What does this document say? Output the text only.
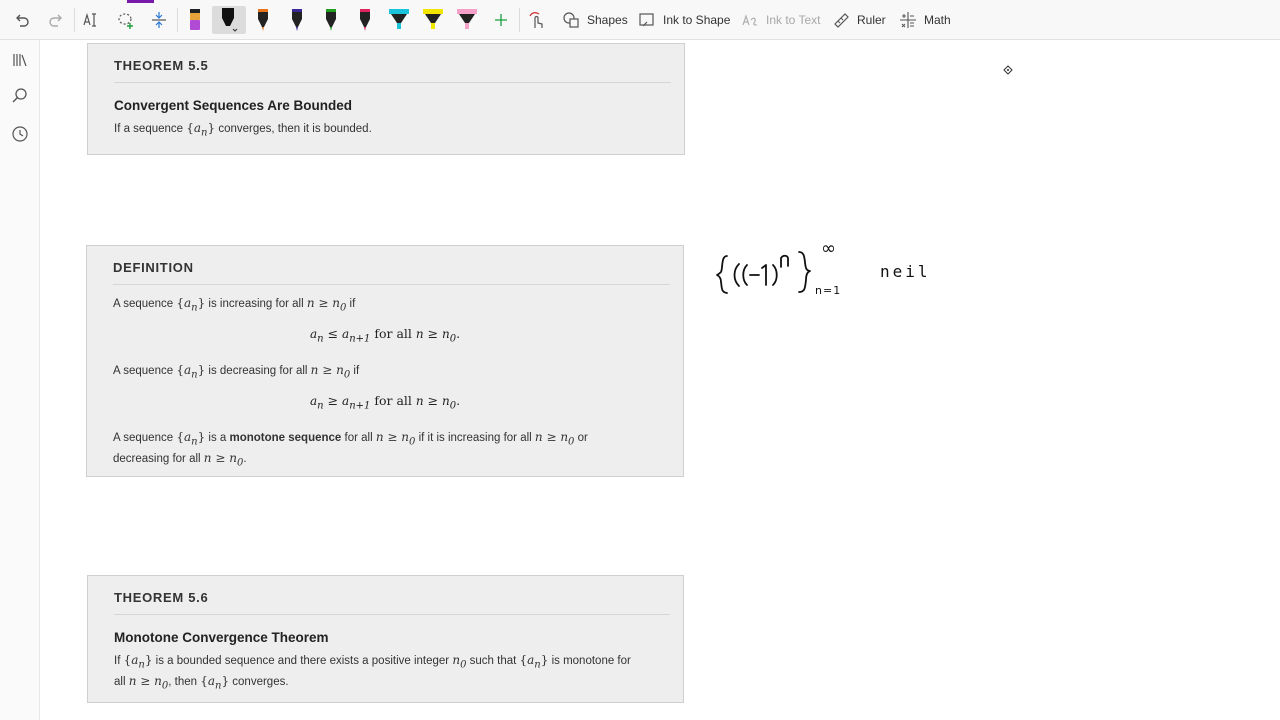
Shapes	Ink to Shape	Ink to Text	Ruler	Math
THEOREM 5.5
Convergent Sequences Are Bounded
If a sequence $\{a_n\}$ converges, then it is bounded.
DEFINITION
A sequence $\{a_n\}$ is increasing for all $n \ge n_0$ if
$a_n \le a_{n+1}$ for all $n \ge n_0$.
A sequence $\{a_n\}$ is decreasing for all $n \ge n_0$ if
$a_n \ge a_{n+1}$ for all $n \ge n_0$.
A sequence $\{a_n\}$ is a monotone sequence for all $n \ge n_0$ if it is increasing for all $n \ge n_0$ or
decreasing for all $n \ge n_0$.
THEOREM 5.6
Monotone Convergence Theorem
If $\{a_n\}$ is a bounded sequence and there exists a positive integer $n_0$ such that $\{a_n\}$ is monotone for
all $n \ge n_0$, then $\{a_n\}$ converges.
∞
n=1
neil
